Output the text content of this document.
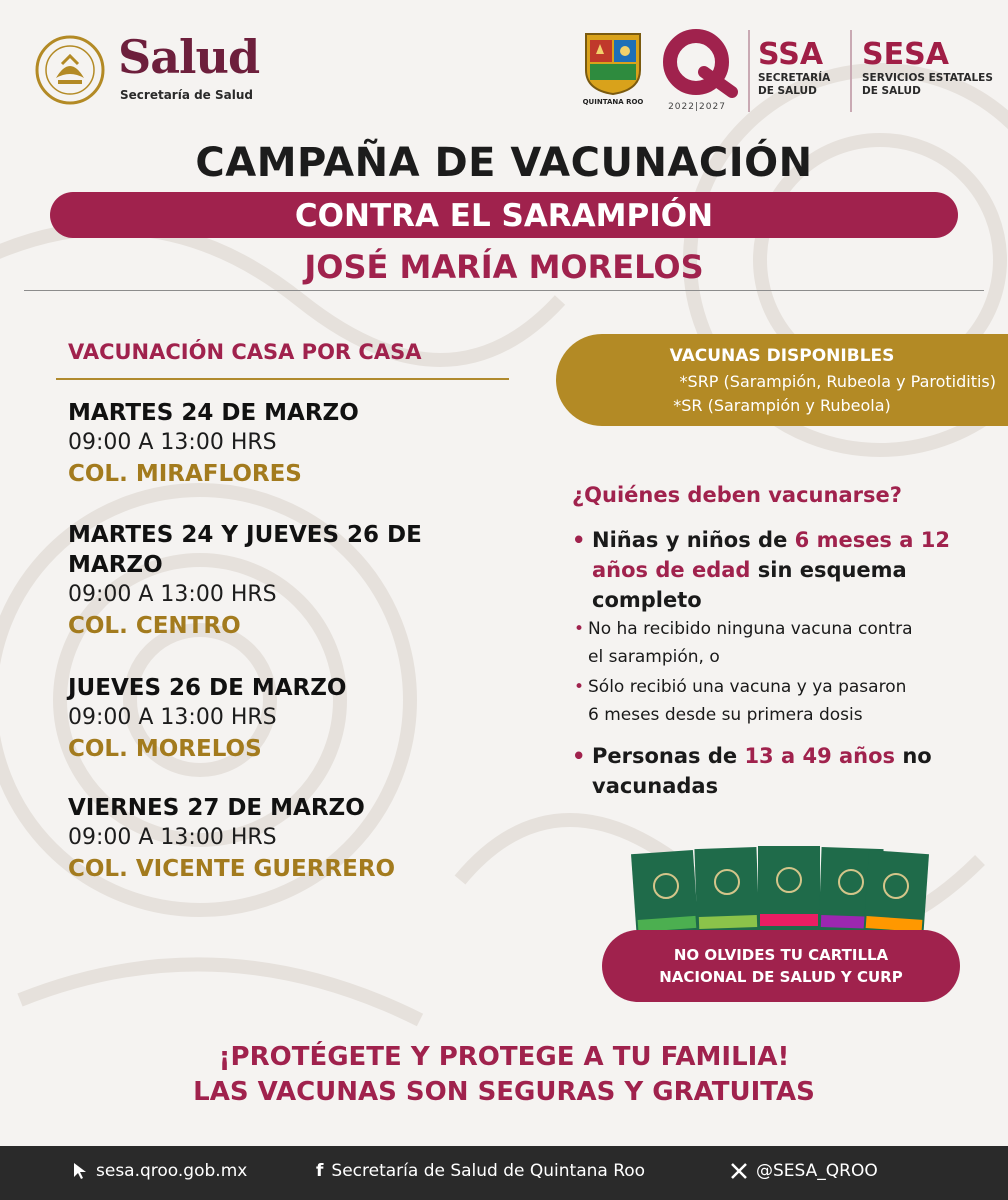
Salud
Secretaría de Salud	QUINTANA ROO	2022|2027
SSA
SECRETARÍA
DE SALUD
SESA
SERVICIOS ESTATALES
DE SALUD
CAMPAÑA DE VACUNACIÓN
CONTRA EL SARAMPIÓN
JOSÉ MARÍA MORELOS
VACUNACIÓN CASA POR CASA
MARTES 24 DE MARZO
09:00 A 13:00 HRS
COL. MIRAFLORES
MARTES 24 Y JUEVES 26 DE
MARZO
09:00 A 13:00 HRS
COL. CENTRO
JUEVES 26 DE MARZO
09:00 A 13:00 HRS
COL. MORELOS
VIERNES 27 DE MARZO
09:00 A 13:00 HRS
COL. VICENTE GUERRERO
VACUNAS DISPONIBLES
*SRP (Sarampión, Rubeola y Parotiditis)
*SR (Sarampión y Rubeola)
¿Quiénes deben vacunarse?
• Niñas y niños de 6 meses a 12
años de edad sin esquema
completo
• No ha recibido ninguna vacuna contra
el sarampión, o
• Sólo recibió una vacuna y ya pasaron
6 meses desde su primera dosis
• Personas de 13 a 49 años no
vacunadas
NO OLVIDES TU CARTILLA
NACIONAL DE SALUD Y CURP
¡PROTÉGETE Y PROTEGE A TU FAMILIA!
LAS VACUNAS SON SEGURAS Y GRATUITAS
sesa.qroo.gob.mx	f Secretaría de Salud de Quintana Roo	@SESA_QROO
